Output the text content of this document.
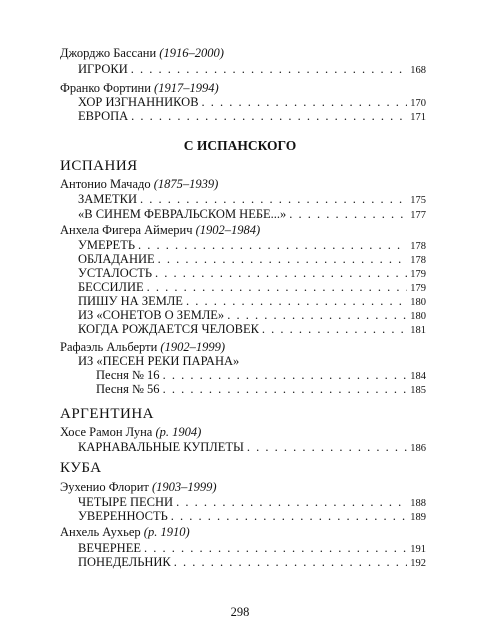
Джорджо Бассани (1916–2000)
ИГРОКИ . . .	168
Франко Фортини (1917–1994)
ХОР ИЗГНАННИКОВ . . .	170
ЕВРОПА . . .	171
С ИСПАНСКОГО
ИСПАНИЯ
Антонио Мачадо (1875–1939)
ЗАМЕТКИ . . .	175
«В СИНЕМ ФЕВРАЛЬСКОМ НЕБЕ...» . . .	177
Анхела Фигера Аймерич (1902–1984)
УМЕРЕТЬ . . .	178
ОБЛАДАНИЕ . . .	178
УСТАЛОСТЬ . . .	179
БЕССИЛИЕ . . .	179
ПИШУ НА ЗЕМЛЕ . . .	180
ИЗ «СОНЕТОВ О ЗЕМЛЕ» . . .	180
КОГДА РОЖДАЕТСЯ ЧЕЛОВЕК . . .	181
Рафаэль Альберти (1902–1999)
ИЗ «ПЕСЕН РЕКИ ПАРАНА»
Песня № 16 . . .	184
Песня № 56 . . .	185
АРГЕНТИНА
Хосе Рамон Луна (р. 1904)
КАРНАВАЛЬНЫЕ КУПЛЕТЫ . . .	186
КУБА
Эухенио Флорит (1903–1999)
ЧЕТЫРЕ ПЕСНИ . . .	188
УВЕРЕННОСТЬ . . .	189
Анхель Аухьер (р. 1910)
ВЕЧЕРНЕЕ . . .	191
ПОНЕДЕЛЬНИК . . .	192
298
